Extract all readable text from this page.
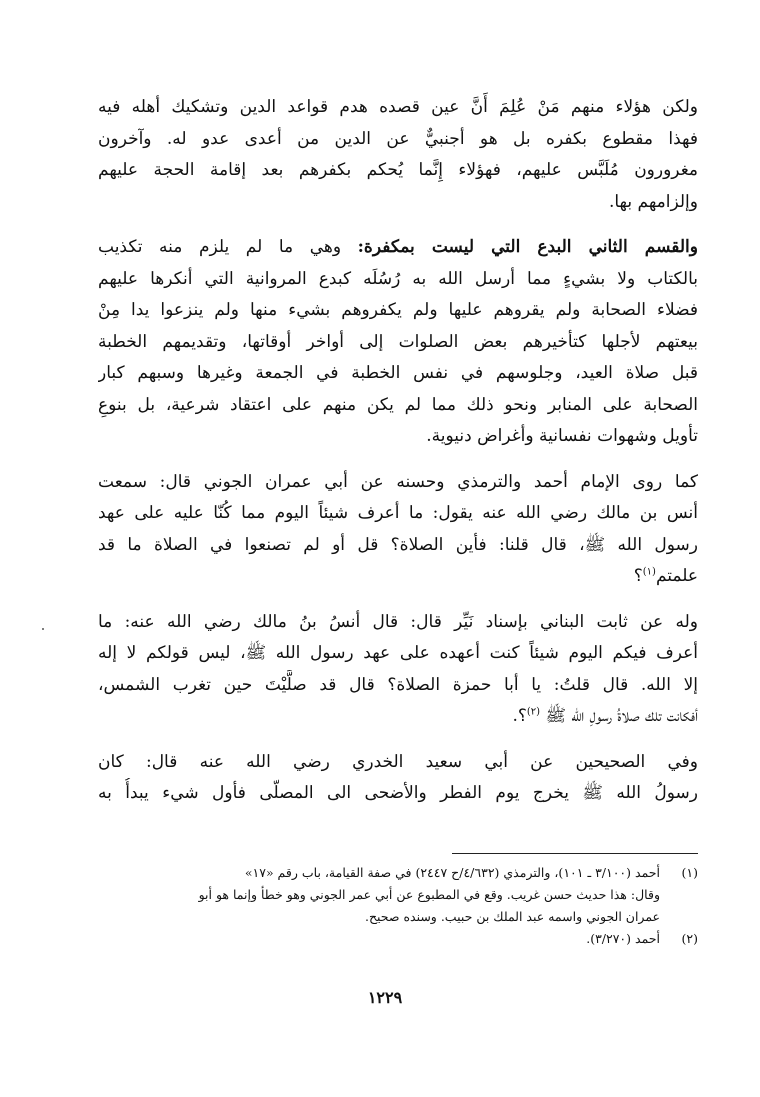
ولكن هؤلاء منهم مَنْ عُلِمَ أَنَّ عين قصده هدم قواعد الدين وتشكيك أهله فيه
فهذا مقطوع بكفره بل هو أجنبيٌّ عن الدين من أعدى عدو له. وآخرون
مغرورون مُلَبَّس عليهم، فهؤلاء إِنَّما يُحكم بكفرهم بعد إقامة الحجة عليهم
وإلزامهم بها.

والقسم الثاني البدع التي ليست بمكفرة: وهي ما لم يلزم منه تكذيب
بالكتاب ولا بشيءٍ مما أرسل الله به رُسُلَه كبدع المروانية التي أنكرها عليهم
فضلاء الصحابة ولم يقروهم عليها ولم يكفروهم بشيء منها ولم ينزعوا يدا مِنْ
بيعتهم لأجلها كتأخيرهم بعض الصلوات إلى أواخر أوقاتها، وتقديمهم الخطبة
قبل صلاة العيد، وجلوسهم في نفس الخطبة في الجمعة وغيرها وسبهم كبار
الصحابة على المنابر ونحو ذلك مما لم يكن منهم على اعتقاد شرعية، بل بنوعِ
تأويل وشهوات نفسانية وأغراض دنيوية.

كما روى الإمام أحمد والترمذي وحسنه عن أبي عمران الجوني قال: سمعت
أنس بن مالك رضي الله عنه يقول: ما أعرف شيئاً اليوم مما كُنّا عليه على عهد
رسول الله ﷺ، قال قلنا: فأين الصلاة؟ قل أو لم تصنعوا في الصلاة ما قد
علمتم$^{(١)}$؟

وله عن ثابت البناني بإسناد نَيِّر قال: قال أنسُ بنُ مالك رضي الله عنه: ما
أعرف فيكم اليوم شيئاً كنت أعهده على عهد رسول الله ﷺ، ليس قولكم لا إله
إلا الله. قال قلتُ: يا أبا حمزة الصلاة؟ قال قد صلَّيْتَ حين تغرب الشمس،
أفكانت تلك صلاةُ رسولِ الله ﷺ $^{(٢)}$؟.

وفي الصحيحين عن أبي سعيد الخدري رضي الله عنه قال: كان
رسولُ الله ﷺ يخرج يوم الفطر والأضحى الى المصلّى فأول شيء يبدأُ به

(١)
أحمد (٣/١٠٠ ـ ١٠١)، والترمذي (٤/٦٣٢/ح ٢٤٤٧) في صفة القيامة، باب رقم «١٧»
وقال: هذا حديث حسن غريب. وقع في المطبوع عن أبي عمر الجوني وهو خطأ وإنما هو أبو
عمران الجوني واسمه عبد الملك بن حبيب. وسنده صحيح.
(٢)
أحمد (٣/٢٧٠).
١٢٢٩
